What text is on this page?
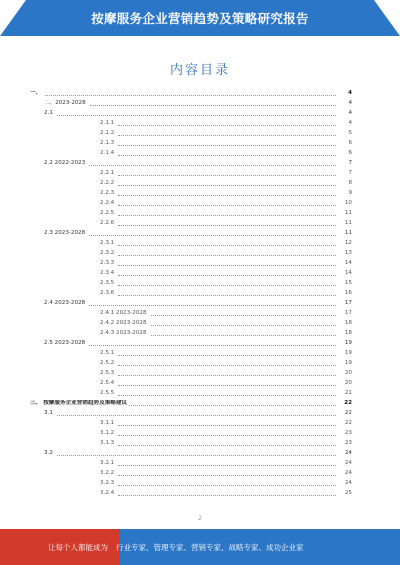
按摩服务企业营销趋势及策略研究报告
内容目录
一、	4
二、2023-2028	4
2.1	4
2.1.1	4
2.1.2	5
2.1.3	6
2.1.4	6
2.2 2022-2023	7
2.2.1	7
2.2.2	8
2.2.3	9
2.2.4	10
2.2.5	11
2.2.6	11
2.3 2023-2028	11
2.3.1	12
2.3.2	13
2.3.3	14
2.3.4	14
2.3.5	15
2.3.6	16
2.4 2023-2028	17
2.4.1 2023-2028	17
2.4.2 2023-2028	18
2.4.3 2023-2028	18
2.5 2023-2028	19
2.5.1	19
2.5.2	19
2.5.3	20
2.5.4	20
2.5.5	21
三、 按摩服务企业营销趋势及策略建议	22
3.1	22
3.1.1	22
3.1.2	23
3.1.3	23
3.2	24
3.2.1	24
3.2.2	24
3.2.3	24
3.2.4	25
2
让每个人都能成为 行业专家、管理专家、营销专家、战略专家、成功企业家
